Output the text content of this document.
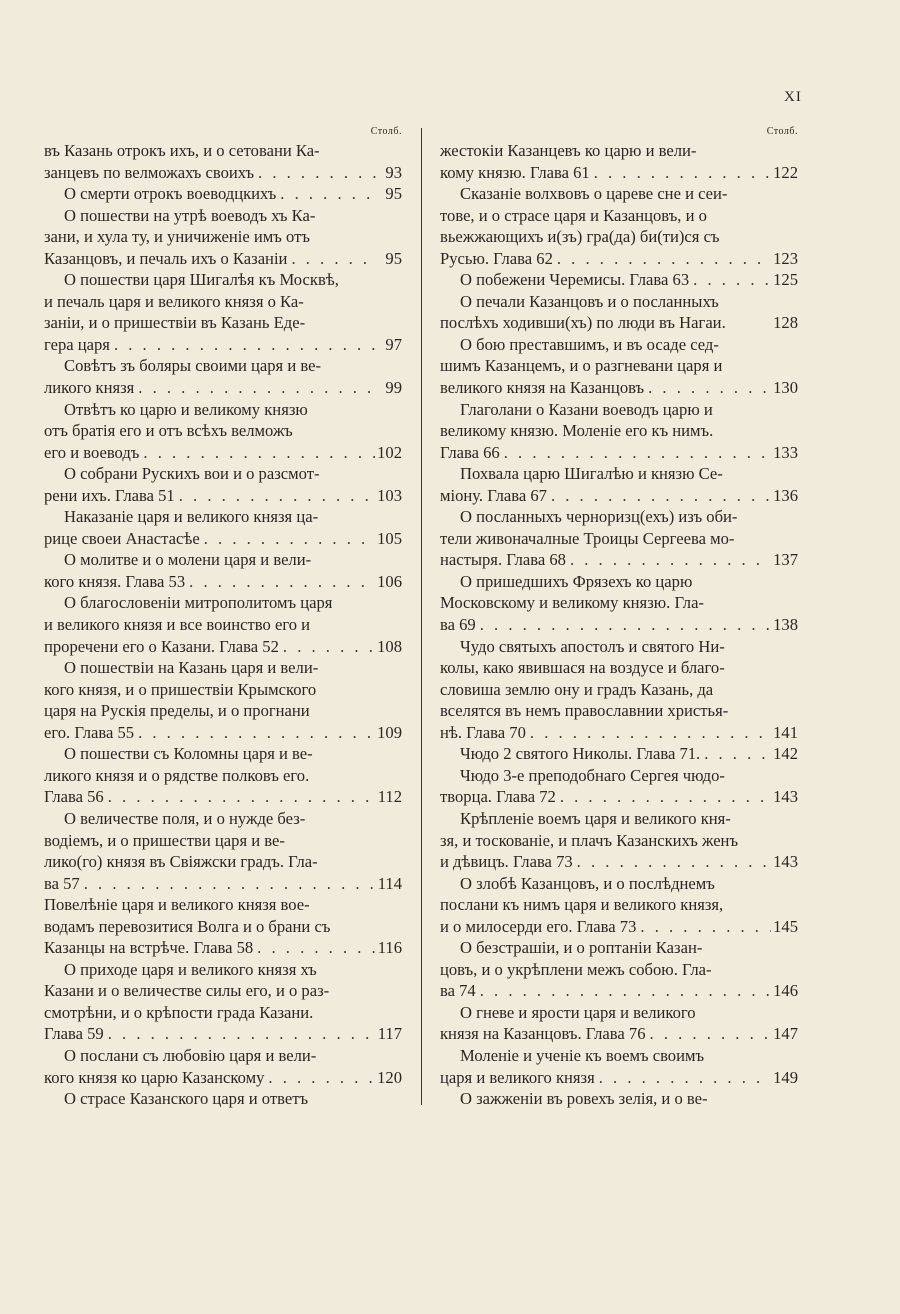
XI
Столб.
въ Казань отрокъ ихъ, и о сетовани Ка-
занцевъ по велможахъ своихъ . . .	93
О смерти отрокъ воеводцкихъ . . .	95
О пошестви на утрѣ воеводъ хъ Ка-
зани, и хула ту, и уничиженіе имъ отъ
Казанцовъ, и печаль ихъ о Казаніи . . .	95
О пошестви царя Шигалѣя къ Москвѣ,
и печаль царя и великого князя о Ка-
заніи, и о пришествіи въ Казань Еде-
гера царя . . .	97
Совѣтъ зъ боляры своими царя и ве-
ликого князя . . .	99
Отвѣтъ ко царю и великому князю
отъ братія его и отъ всѣхъ велможъ
его и воеводъ . . .	102
О собрани Рускихъ вои и о разсмот-
рени ихъ. Глава 51 . . .	103
Наказаніе царя и великого князя ца-
рице своеи Анастасѣе . . .	105
О молитве и о молени царя и вели-
кого князя. Глава 53 . . .	106
О благословеніи митрополитомъ царя
и великого князя и все воинство его и
проречени его о Казани. Глава 52 . . .	108
О пошествіи на Казань царя и вели-
кого князя, и о пришествіи Крымского
царя на Рускія пределы, и о прогнани
его. Глава 55 . . .	109
О пошестви съ Коломны царя и ве-
ликого князя и о рядстве полковъ его.
Глава 56 . . .	112
О величестве поля, и о нужде без-
водіемъ, и о пришестви царя и ве-
лико(го) князя въ Свіяжски градъ. Гла-
ва 57 . . .	114
Повелѣніе царя и великого князя вое-
водамъ перевозитися Волга и о брани съ
Казанцы на встрѣче. Глава 58 . . .	116
О приходе царя и великого князя хъ
Казани и о величестве силы его, и о раз-
смотрѣни, и о крѣпости града Казани.
Глава 59 . . .	117
О послани съ любовію царя и вели-
кого князя ко царю Казанскому . . .	120
О страсе Казанского царя и ответъ
Столб.
жестокіи Казанцевъ ко царю и вели-
кому князю. Глава 61 . . .	122
Сказаніе волхвовъ о цареве сне и сеи-
тове, и о страсе царя и Казанцовъ, и о
вьежжающихъ и(зъ) гра(да) би(ти)ся съ
Русью. Глава 62 . . .	123
О побежени Черемисы. Глава 63 . . .	125
О печали Казанцовъ и о посланныхъ
послѣхъ ходивши(хъ) по люди въ Нагаи.	128
О бою преставшимъ, и въ осаде сед-
шимъ Казанцемъ, и о разгневани царя и
великого князя на Казанцовъ . . .	130
Глаголани о Казани воеводъ царю и
великому князю. Моленіе его къ нимъ.
Глава 66 . . .	133
Похвала царю Шигалѣю и князю Се-
міону. Глава 67 . . .	136
О посланныхъ черноризц(ехъ) изъ оби-
тели живоначалные Троицы Сергеева мо-
настыря. Глава 68 . . .	137
О пришедшихъ Фрязехъ ко царю
Московскому и великому князю. Гла-
ва 69 . . .	138
Чудо святыхъ апостолъ и святого Ни-
колы, како явившася на воздусе и благо-
словиша землю ону и градъ Казань, да
вселятся въ немъ православнии христья-
нѣ. Глава 70 . . .	141
Чюдо 2 святого Николы. Глава 71. . . .	142
Чюдо 3-е преподобнаго Сергея чюдо-
творца. Глава 72 . . .	143
Крѣпленіе воемъ царя и великого кня-
зя, и тоскованіе, и плачъ Казанскихъ женъ
и дѣвицъ. Глава 73 . . .	143
О злобѣ Казанцовъ, и о послѣднемъ
послани къ нимъ царя и великого князя,
и о милосерди его. Глава 73 . . .	145
О безстрашіи, и о роптаніи Казан-
цовъ, и о укрѣплени межъ собою. Гла-
ва 74 . . .	146
О гневе и ярости царя и великого
князя на Казанцовъ. Глава 76 . . .	147
Моленіе и ученіе къ воемъ своимъ
царя и великого князя . . .	149
О зажженіи въ ровехъ зелія, и о ве-
